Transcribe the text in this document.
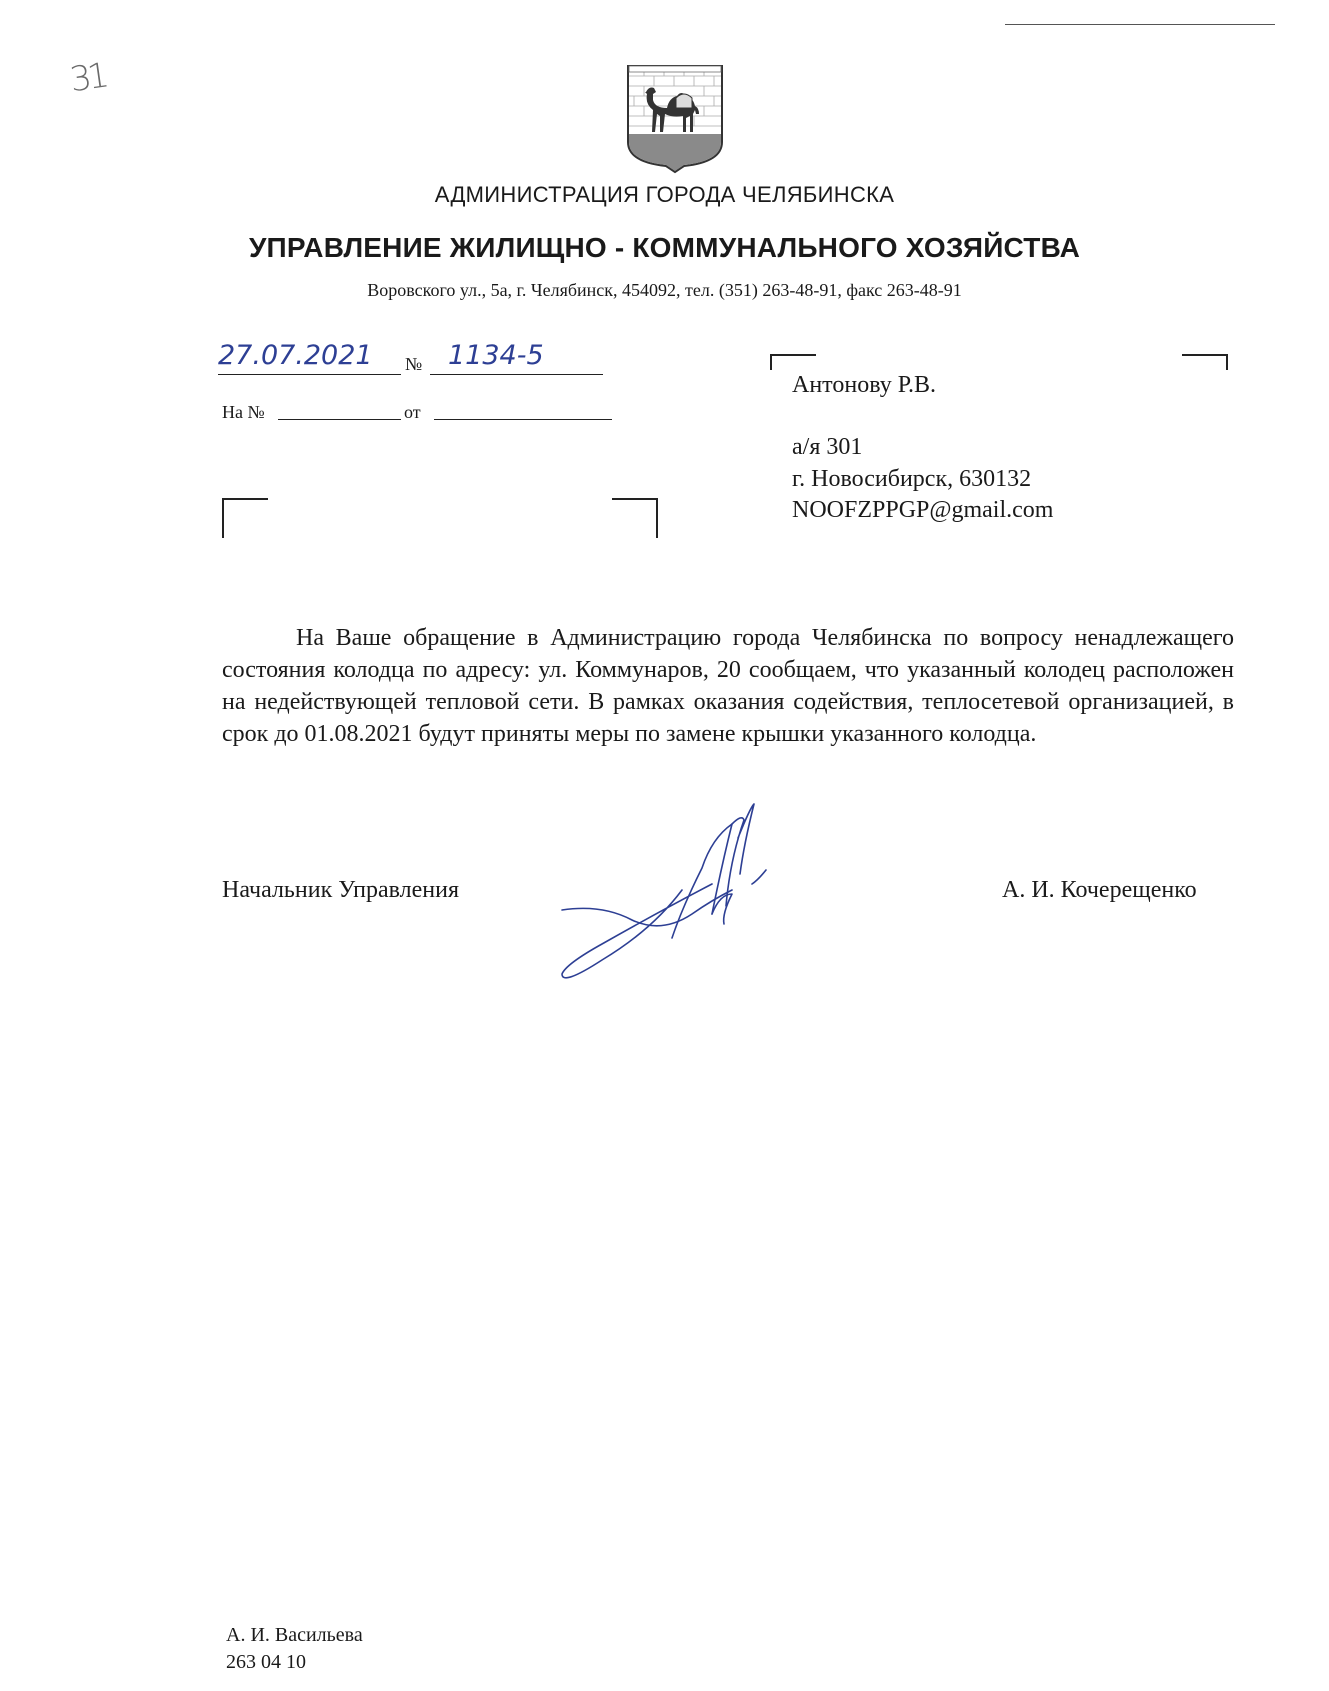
31
АДМИНИСТРАЦИЯ ГОРОДА ЧЕЛЯБИНСКА
УПРАВЛЕНИЕ ЖИЛИЩНО - КОММУНАЛЬНОГО ХОЗЯЙСТВА
Воровского ул., 5а, г. Челябинск, 454092, тел. (351) 263-48-91, факс 263-48-91
27.07.2021	№ 1134-5
На №	от
Антонову Р.В.
а/я 301
г. Новосибирск, 630132
NOOFZPPGP@gmail.com
На Ваше обращение в Администрацию города Челябинска по вопросу ненадлежащего состояния колодца по адресу: ул. Коммунаров, 20 сообщаем, что указанный колодец расположен на недействующей тепловой сети. В рамках оказания содействия, теплосетевой организацией, в срок до 01.08.2021 будут приняты меры по замене крышки указанного колодца.
Начальник Управления	А. И. Кочерещенко
А. И. Васильева
263 04 10
